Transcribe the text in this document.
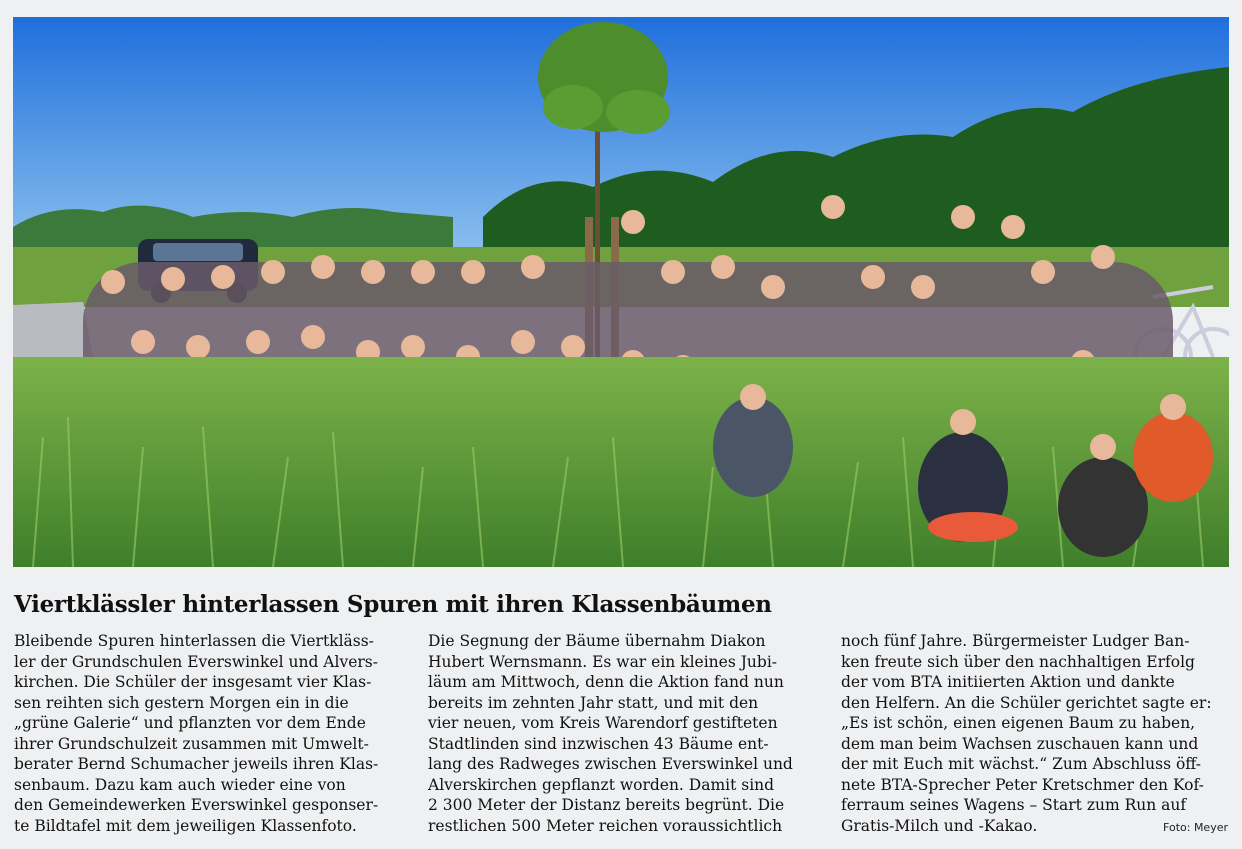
Viertklässler hinterlassen Spuren mit ihren Klassenbäumen
Bleibende Spuren hinterlassen die Viertkläss-
ler der Grundschulen Everswinkel und Alvers-
kirchen. Die Schüler der insgesamt vier Klas-
sen reihten sich gestern Morgen ein in die
„grüne Galerie“ und pflanzten vor dem Ende
ihrer Grundschulzeit zusammen mit Umwelt-
berater Bernd Schumacher jeweils ihren Klas-
senbaum. Dazu kam auch wieder eine von
den Gemeindewerken Everswinkel gesponser-
te Bildtafel mit dem jeweiligen Klassenfoto.
Die Segnung der Bäume übernahm Diakon
Hubert Wernsmann. Es war ein kleines Jubi-
läum am Mittwoch, denn die Aktion fand nun
bereits im zehnten Jahr statt, und mit den
vier neuen, vom Kreis Warendorf gestifteten
Stadtlinden sind inzwischen 43 Bäume ent-
lang des Radweges zwischen Everswinkel und
Alverskirchen gepflanzt worden. Damit sind
2 300 Meter der Distanz bereits begrünt. Die
restlichen 500 Meter reichen voraussichtlich
noch fünf Jahre. Bürgermeister Ludger Ban-
ken freute sich über den nachhaltigen Erfolg
der vom BTA initiierten Aktion und dankte
den Helfern. An die Schüler gerichtet sagte er:
„Es ist schön, einen eigenen Baum zu haben,
dem man beim Wachsen zuschauen kann und
der mit Euch mit wächst.“ Zum Abschluss öff-
nete BTA-Sprecher Peter Kretschmer den Kof-
ferraum seines Wagens – Start zum Run auf
Gratis-Milch und -Kakao.	Foto: Meyer
